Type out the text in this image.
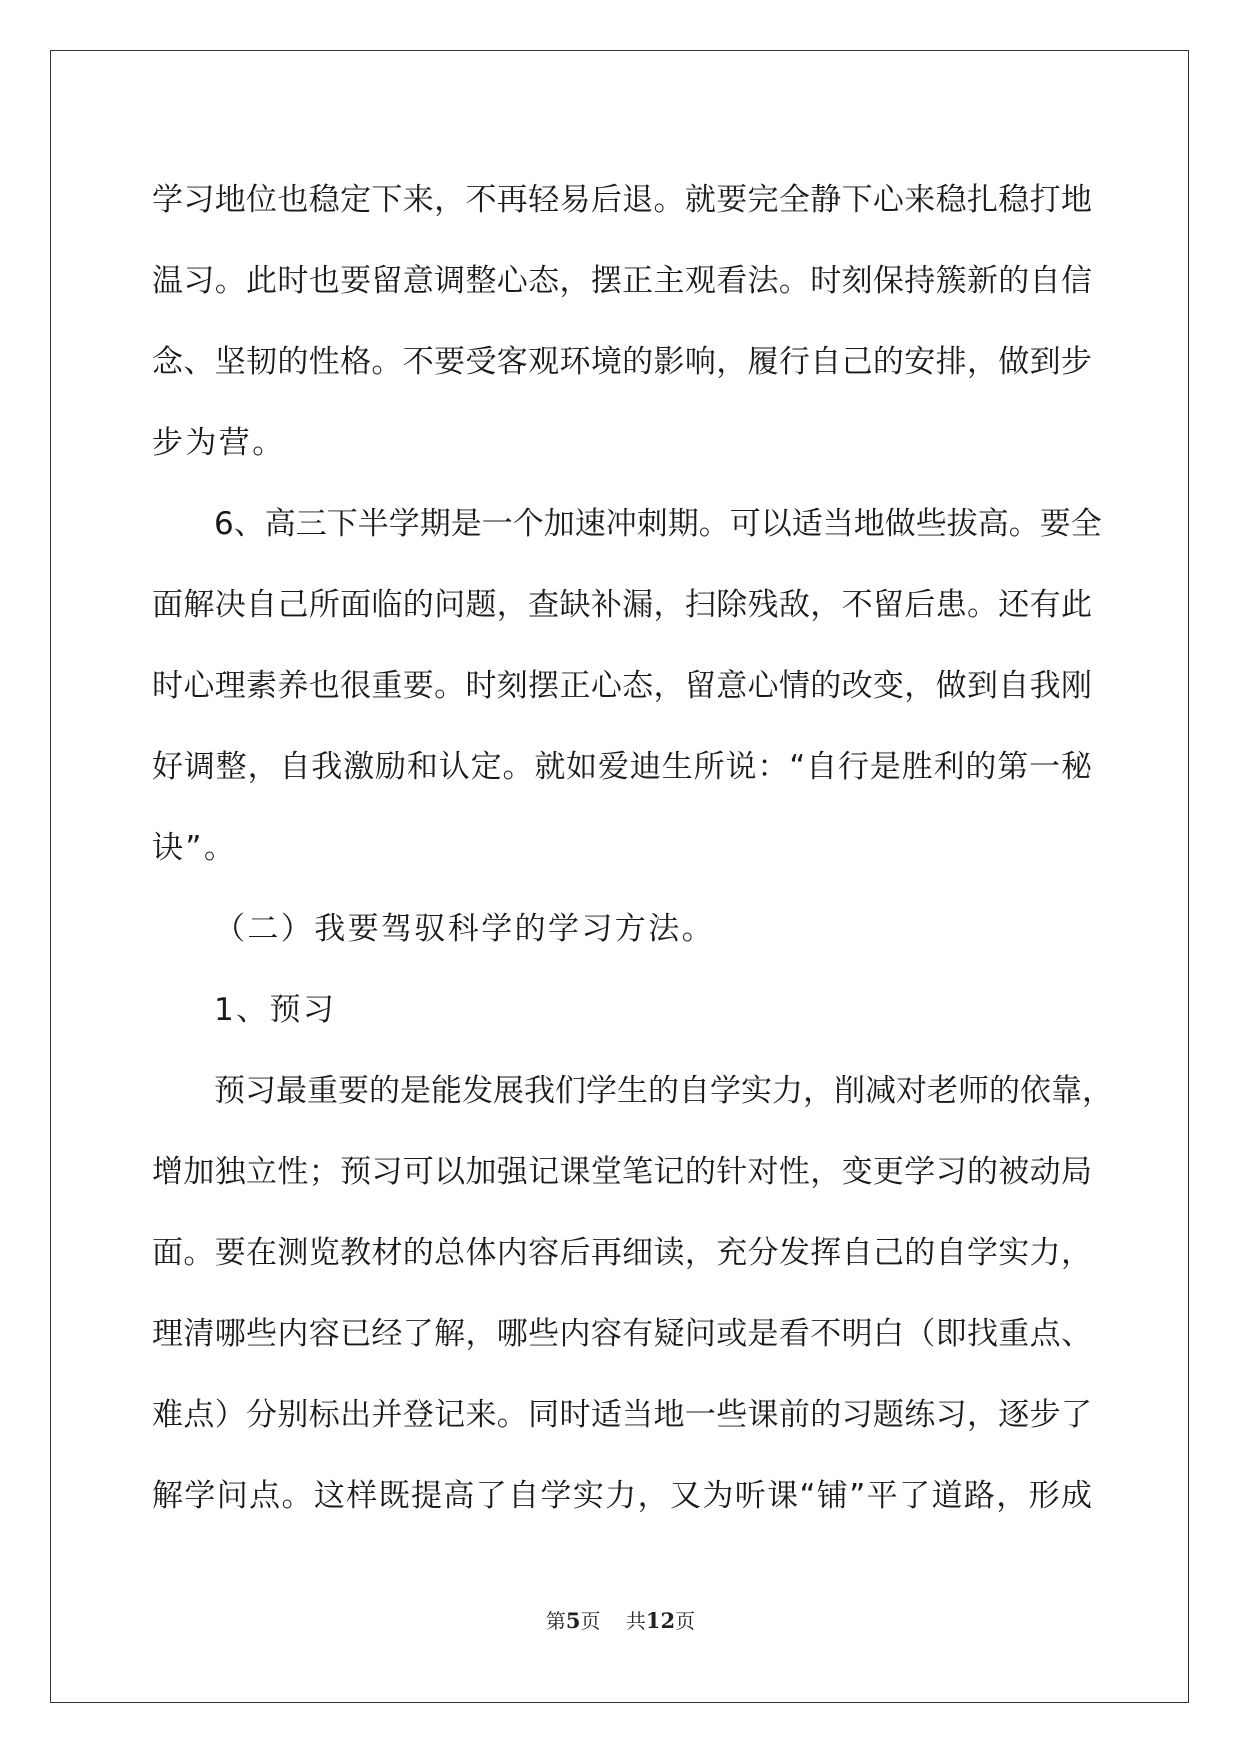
学习地位也稳定下来，不再轻易后退。就要完全静下心来稳扎稳打地
温习。此时也要留意调整心态，摆正主观看法。时刻保持簇新的自信
念、坚韧的性格。不要受客观环境的影响，履行自己的安排，做到步
步为营。
6、高三下半学期是一个加速冲刺期。可以适当地做些拔高。要全
面解决自己所面临的问题，查缺补漏，扫除残敌，不留后患。还有此
时心理素养也很重要。时刻摆正心态，留意心情的改变，做到自我刚
好调整，自我激励和认定。就如爱迪生所说：“自行是胜利的第一秘
诀”。
（二）我要驾驭科学的学习方法。
1、预习
预习最重要的是能发展我们学生的自学实力，削减对老师的依靠，
增加独立性；预习可以加强记课堂笔记的针对性，变更学习的被动局
面。要在测览教材的总体内容后再细读，充分发挥自己的自学实力，
理清哪些内容已经了解，哪些内容有疑问或是看不明白（即找重点、
难点）分别标出并登记来。同时适当地一些课前的习题练习，逐步了
解学问点。这样既提高了自学实力，又为听课“铺”平了道路，形成
第5页 共12页
